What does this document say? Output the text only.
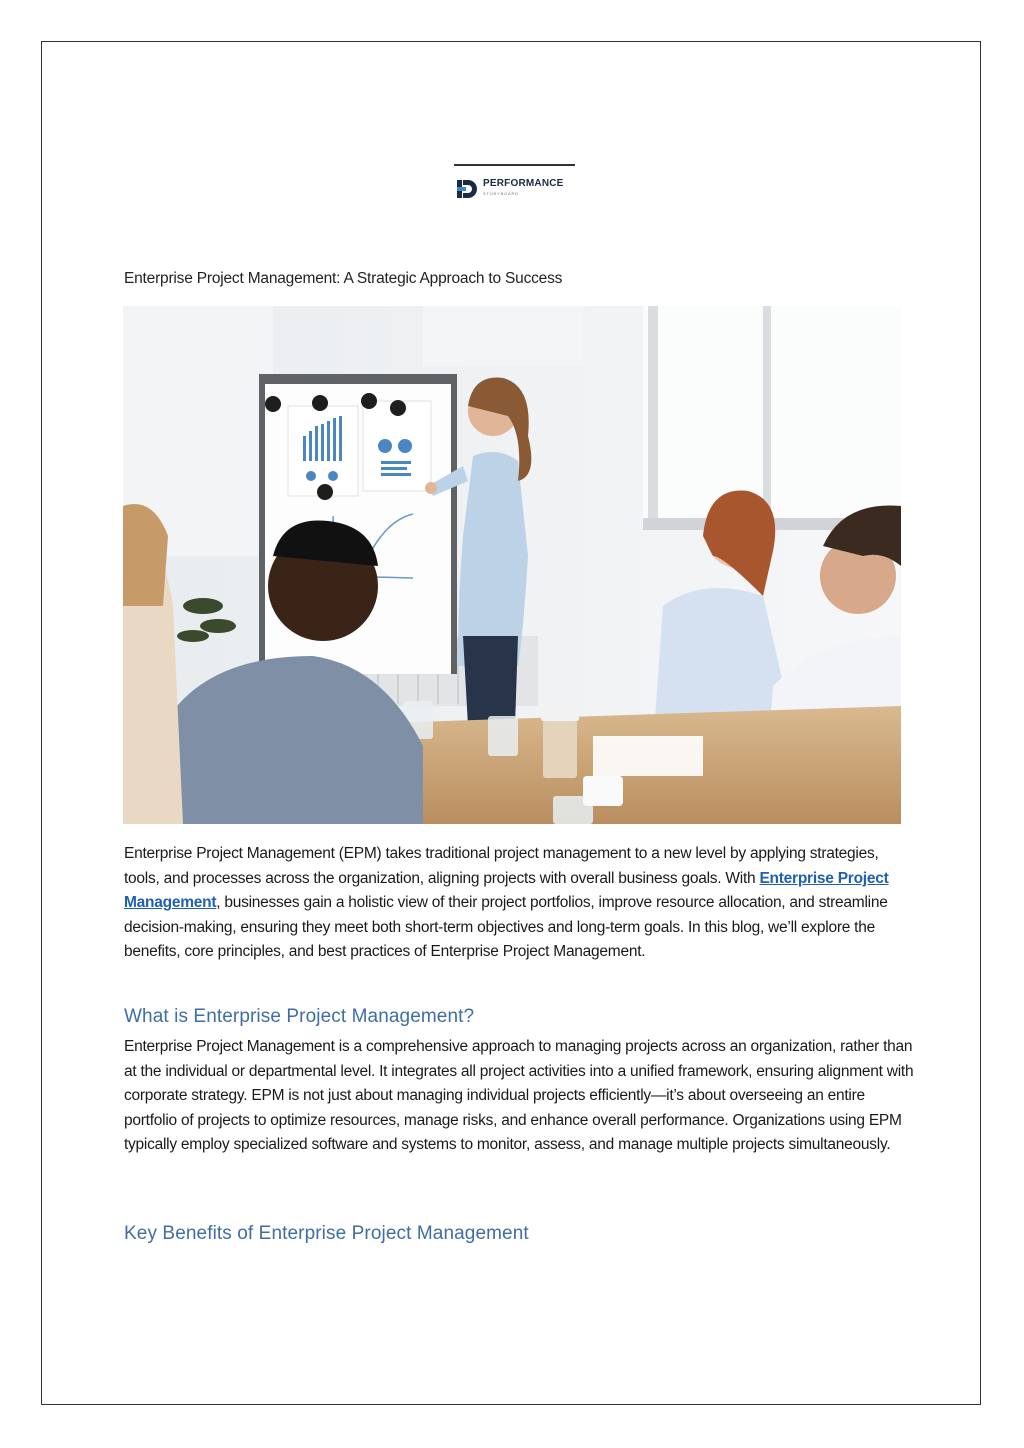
PERFORMANCE
STORYBOARD
Enterprise Project Management: A Strategic Approach to Success

Enterprise Project Management (EPM) takes traditional project management to a new level by applying strategies, tools, and processes across the organization, aligning projects with overall business goals. With Enterprise Project Management, businesses gain a holistic view of their project portfolios, improve resource allocation, and streamline decision-making, ensuring they meet both short-term objectives and long-term goals. In this blog, we’ll explore the benefits, core principles, and best practices of Enterprise Project Management.

What is Enterprise Project Management?

Enterprise Project Management is a comprehensive approach to managing projects across an organization, rather than at the individual or departmental level. It integrates all project activities into a unified framework, ensuring alignment with corporate strategy. EPM is not just about managing individual projects efficiently—it’s about overseeing an entire portfolio of projects to optimize resources, manage risks, and enhance overall performance. Organizations using EPM typically employ specialized software and systems to monitor, assess, and manage multiple projects simultaneously.

Key Benefits of Enterprise Project Management
